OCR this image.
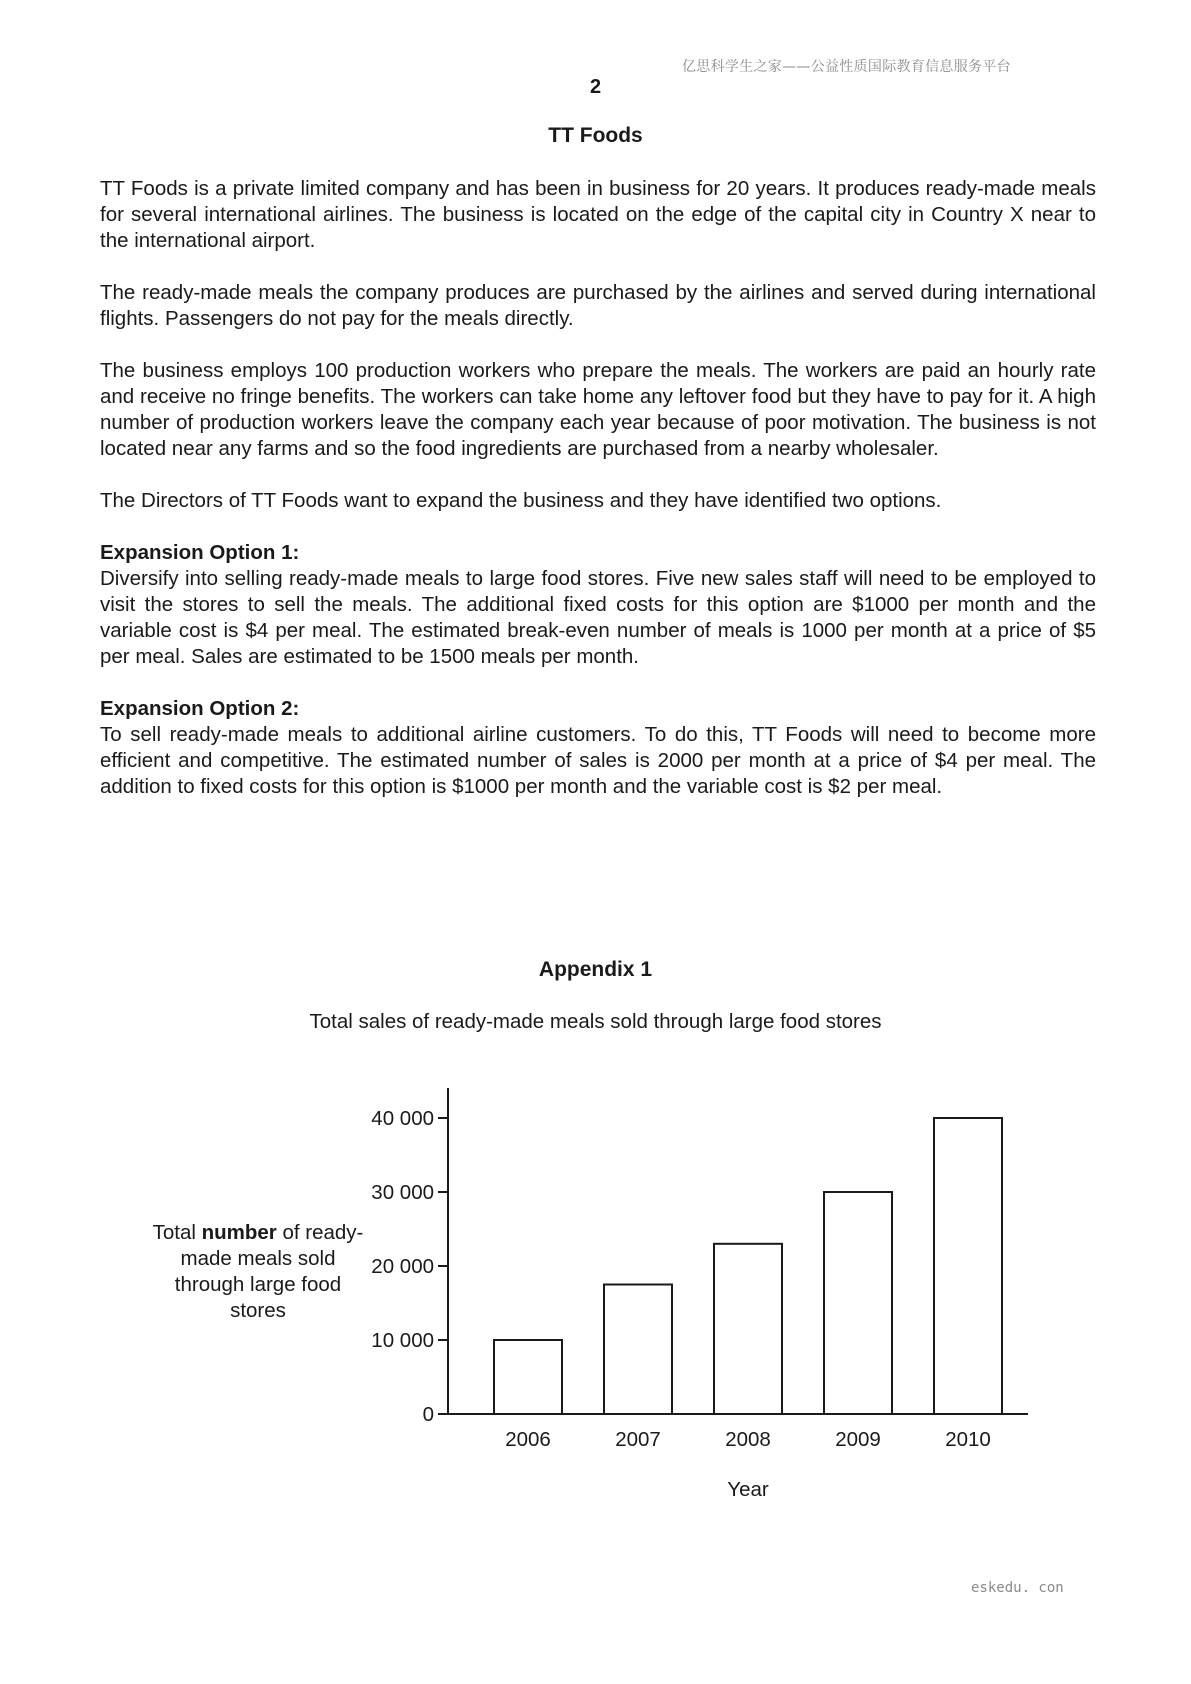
亿思科学生之家——公益性质国际教育信息服务平台
2
TT Foods

TT Foods is a private limited company and has been in business for 20 years. It produces ready-made meals for several international airlines. The business is located on the edge of the capital city in Country X near to the international airport.

The ready-made meals the company produces are purchased by the airlines and served during international flights. Passengers do not pay for the meals directly.

The business employs 100 production workers who prepare the meals. The workers are paid an hourly rate and receive no fringe benefits. The workers can take home any leftover food but they have to pay for it. A high number of production workers leave the company each year because of poor motivation. The business is not located near any farms and so the food ingredients are purchased from a nearby wholesaler.

The Directors of TT Foods want to expand the business and they have identified two options.

Expansion Option 1:

Diversify into selling ready-made meals to large food stores. Five new sales staff will need to be employed to visit the stores to sell the meals. The additional fixed costs for this option are $1000 per month and the variable cost is $4 per meal. The estimated break-even number of meals is 1000 per month at a price of $5 per meal. Sales are estimated to be 1500 meals per month.

Expansion Option 2:

To sell ready-made meals to additional airline customers. To do this, TT Foods will need to become more efficient and competitive. The estimated number of sales is 2000 per month at a price of $4 per meal. The addition to fixed costs for this option is $1000 per month and the variable cost is $2 per meal.

Appendix 1
Total sales of ready-made meals sold through large food stores
Total number of ready-made meals sold through large food stores
0
10 000
20 000
30 000
40 000
2006	2007	2008	2009	2010
Year
eskedu. con
